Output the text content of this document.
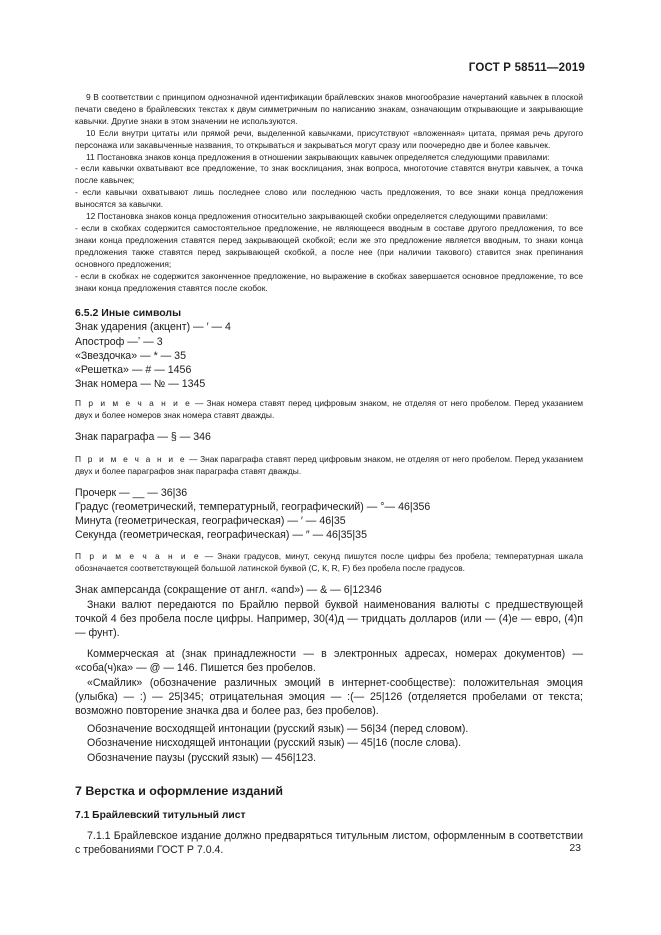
ГОСТ Р 58511—2019

9 В соответствии с принципом однозначной идентификации брайлевских знаков многообразие начертаний кавычек в плоской печати сведено в брайлевских текстах к двум симметричным по написанию знакам, означающим открывающие и закрывающие кавычки. Другие знаки в этом значении не используются.

10 Если внутри цитаты или прямой речи, выделенной кавычками, присутствуют «вложенная» цитата, прямая речь другого персонажа или закавыченные названия, то открываться и закрываться могут сразу или поочередно две и более кавычек.

11 Постановка знаков конца предложения в отношении закрывающих кавычек определяется следующими правилами:

- если кавычки охватывают все предложение, то знак восклицания, знак вопроса, многоточие ставятся внутри кавычек, а точка после кавычек;

- если кавычки охватывают лишь последнее слово или последнюю часть предложения, то все знаки конца предложения выносятся за кавычки.

12 Постановка знаков конца предложения относительно закрывающей скобки определяется следующими правилами:

- если в скобках содержится самостоятельное предложение, не являющееся вводным в составе другого предложения, то все знаки конца предложения ставятся перед закрывающей скобкой; если же это предложение является вводным, то знаки конца предложения также ставятся перед закрывающей скобкой, а после нее (при наличии такового) ставится знак препинания основного предложения;

- если в скобках не содержится законченное предложение, но выражение в скобках завершается основное предложение, то все знаки конца предложения ставятся после скобок.

6.5.2 Иные символы

Знак ударения (акцент) — ′ — 4

Апостроф —ʼ — 3

«Звездочка» — * — 35

«Решетка» — # — 1456

Знак номера — № — 1345

П р и м е ч а н и е — Знак номера ставят перед цифровым знаком, не отделяя от него пробелом. Перед указанием двух и более номеров знак номера ставят дважды.

Знак параграфа — § — 346

П р и м е ч а н и е — Знак параграфа ставят перед цифровым знаком, не отделяя от него пробелом. Перед указанием двух и более параграфов знак параграфа ставят дважды.

Прочерк — __ — 36|36

Градус (геометрический, температурный, географический) — °— 46|356

Минута (геометрическая, географическая) — ′ — 46|35

Секунда (геометрическая, географическая) — ″ — 46|35|35

П р и м е ч а н и е — Знаки градусов, минут, секунд пишутся после цифры без пробела; температурная шкала обозначается соответствующей большой латинской буквой (С, К, R, F) без пробела после градусов.

Знак амперсанда (сокращение от англ. «and») — & — 6|12346

Знаки валют передаются по Брайлю первой буквой наименования валюты с предшествующей точкой 4 без пробела после цифры. Например, 30(4)д — тридцать долларов (или — (4)е — евро, (4)п — фунт).

Коммерческая at (знак принадлежности — в электронных адресах, номерах документов) — «соба(ч)ка» — @ — 146. Пишется без пробелов.

«Смайлик» (обозначение различных эмоций в интернет-сообществе): положительная эмоция (улыбка) — :) — 25|345; отрицательная эмоция — :(— 25|126 (отделяется пробелами от текста; возможно повторение значка два и более раз, без пробелов).

Обозначение восходящей интонации (русский язык) — 56|34 (перед словом).

Обозначение нисходящей интонации (русский язык) — 45|16 (после слова).

Обозначение паузы (русский язык) — 456|123.

7 Верстка и оформление изданий

7.1 Брайлевский титульный лист

7.1.1 Брайлевское издание должно предваряться титульным листом, оформленным в соответствии с требованиями ГОСТ Р 7.0.4.	23
